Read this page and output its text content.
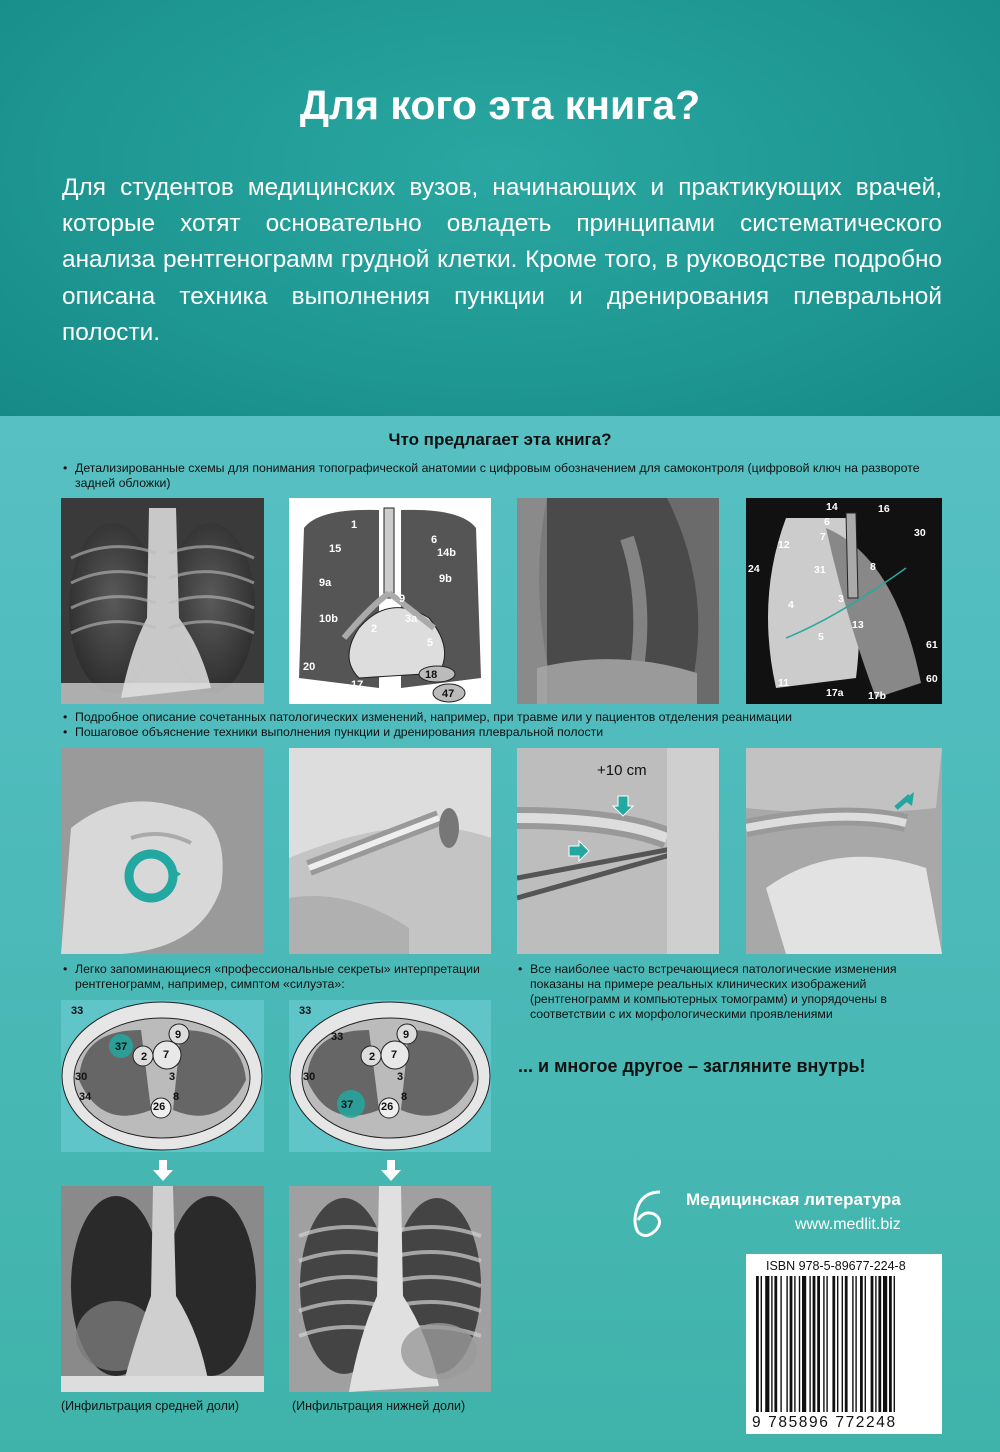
Для кого эта книга?
Для студентов медицинских вузов, начинающих и практикующих врачей, которые хотят основательно овладеть принципами систематического анализа рентгенограмм грудной клетки. Кроме того, в руководстве подробно описана техника выполнения пункции и дренирования плевральной полости.
Что предлагает эта книга?
• Детализированные схемы для понимания топографической анатомии с цифровым обозначением для самоконтроля (цифровой ключ на развороте задней обложки)
1
15
6
14b
9a	9b
9
3a
10b
2
5
20
17
18
47
14	16
6
7	30
12
31	8
24
3
4
13
5
61
11
17a 17b
60
• Подробное описание сочетанных патологических изменений, например, при травме или у пациентов отделения реанимации
• Пошаговое объяснение техники выполнения пункции и дренирования плевральной полости
+10 cm
• Легко запоминающиеся «профессиональные секреты» интерпретации рентгенограмм, например, симптом «силуэта»:
• Все наиболее часто встречающиеся патологические изменения показаны на примере реальных клинических изображений (рентгенограмм и компьютерных томограмм) и упорядочены в соответствии с их морфологическими проявлениями
33
37
9
2 7
30	3
34
26
8
33
33	9
2 7
30	3
37	26
8
(Инфильтрация средней доли)	(Инфильтрация нижней доли)
... и многое другое – загляните внутрь!
Медицинская литература
www.medlit.biz
ISBN 978-5-89677-224-8
9 785896 772248
